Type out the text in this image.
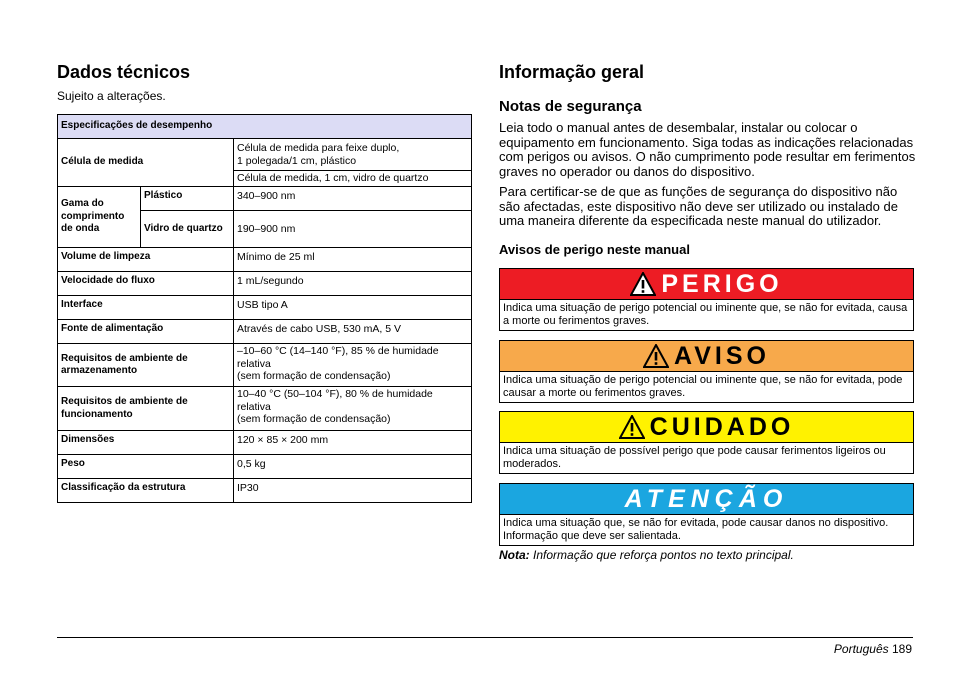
Dados técnicos
Sujeito a alterações.
Especificações de desempenho		
Célula de medida		Célula de medida para feixe duplo,
1 polegada/1 cm, plástico
		Célula de medida, 1 cm, vidro de quartzo
Gama do comprimento de onda	Plástico	340–900 nm
	Vidro de quartzo	190–900 nm
Volume de limpeza		Mínimo de 25 ml
Velocidade do fluxo		1 mL/segundo
Interface		USB tipo A
Fonte de alimentação		Através de cabo USB, 530 mA, 5 V
Requisitos de ambiente de armazenamento		–10–60 °C (14–140 °F), 85 % de humidade relativa
(sem formação de condensação)
Requisitos de ambiente de funcionamento		10–40 °C (50–104 °F), 80 % de humidade relativa
(sem formação de condensação)
Dimensões		120 × 85 × 200 mm
Peso		0,5 kg
Classificação da estrutura		IP30
Informação geral
Notas de segurança
Leia todo o manual antes de desembalar, instalar ou colocar o equipamento em funcionamento. Siga todas as indicações relacionadas com perigos ou avisos. O não cumprimento pode resultar em ferimentos graves no operador ou danos do dispositivo.
Para certificar-se de que as funções de segurança do dispositivo não são afectadas, este dispositivo não deve ser utilizado ou instalado de uma maneira diferente da especificada neste manual do utilizador.
Avisos de perigo neste manual
PERIGO
Indica uma situação de perigo potencial ou iminente que, se não for evitada, causa a morte ou ferimentos graves.
AVISO
Indica uma situação de perigo potencial ou iminente que, se não for evitada, pode causar a morte ou ferimentos graves.
CUIDADO
Indica uma situação de possível perigo que pode causar ferimentos ligeiros ou moderados.
ATENÇÃO
Indica uma situação que, se não for evitada, pode causar danos no dispositivo. Informação que deve ser salientada.
Nota: Informação que reforça pontos no texto principal.
Português 189
